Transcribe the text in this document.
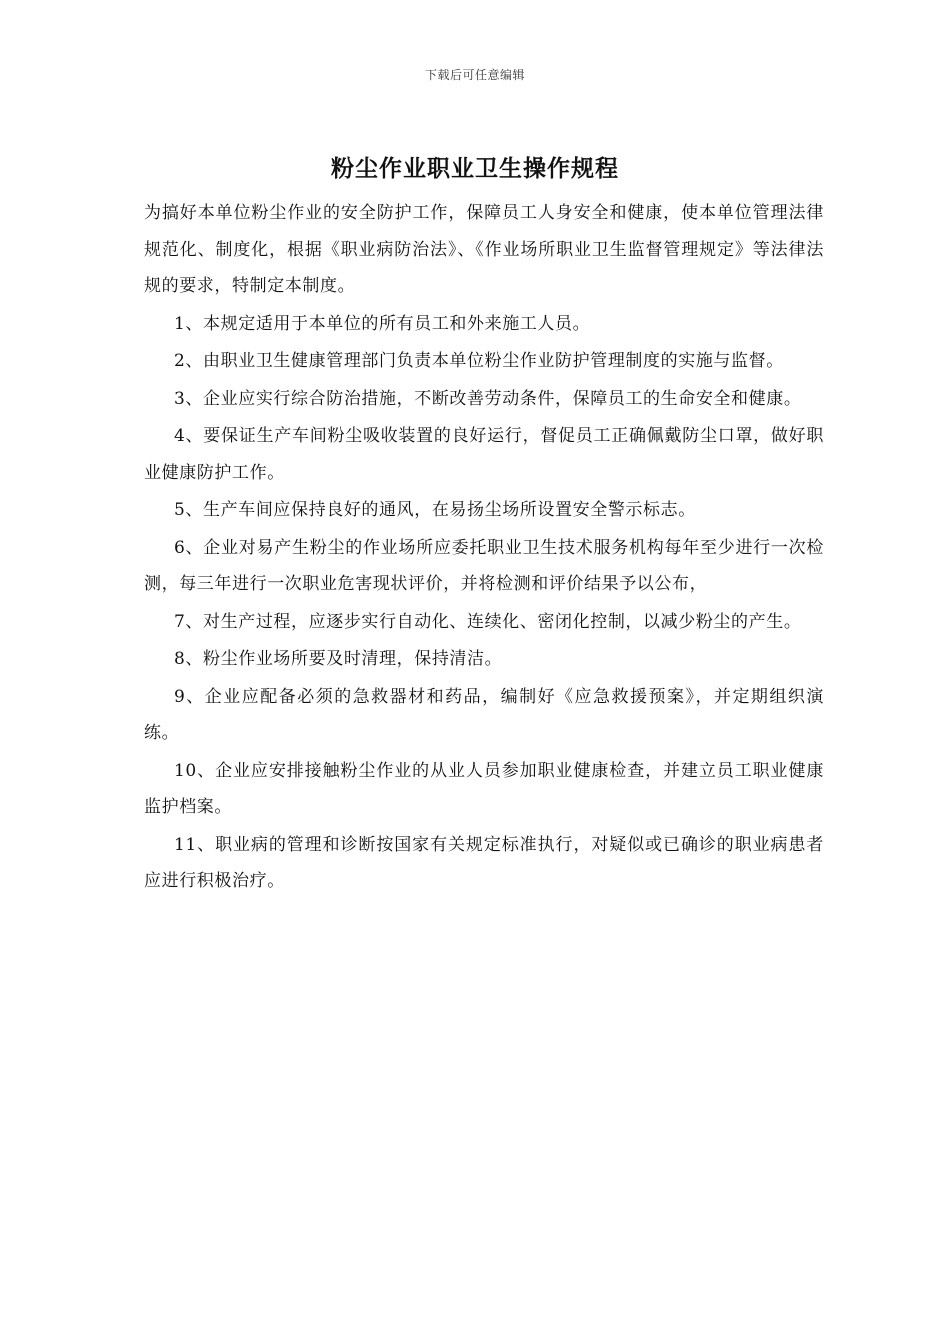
下载后可任意编辑
粉尘作业职业卫生操作规程

为搞好本单位粉尘作业的安全防护工作，保障员工人身安全和健康，使本单位管理法律规范化、制度化，根据《职业病防治法》、《作业场所职业卫生监督管理规定》等法律法规的要求，特制定本制度。

1、本规定适用于本单位的所有员工和外来施工人员。

2、由职业卫生健康管理部门负责本单位粉尘作业防护管理制度的实施与监督。

3、企业应实行综合防治措施，不断改善劳动条件，保障员工的生命安全和健康。

4、要保证生产车间粉尘吸收装置的良好运行，督促员工正确佩戴防尘口罩，做好职业健康防护工作。

5、生产车间应保持良好的通风，在易扬尘场所设置安全警示标志。

6、企业对易产生粉尘的作业场所应委托职业卫生技术服务机构每年至少进行一次检测，每三年进行一次职业危害现状评价，并将检测和评价结果予以公布，

7、对生产过程，应逐步实行自动化、连续化、密闭化控制，以减少粉尘的产生。

8、粉尘作业场所要及时清理，保持清洁。

9、企业应配备必须的急救器材和药品，编制好《应急救援预案》，并定期组织演练。

10、企业应安排接触粉尘作业的从业人员参加职业健康检查，并建立员工职业健康监护档案。

11、职业病的管理和诊断按国家有关规定标准执行，对疑似或已确诊的职业病患者应进行积极治疗。
